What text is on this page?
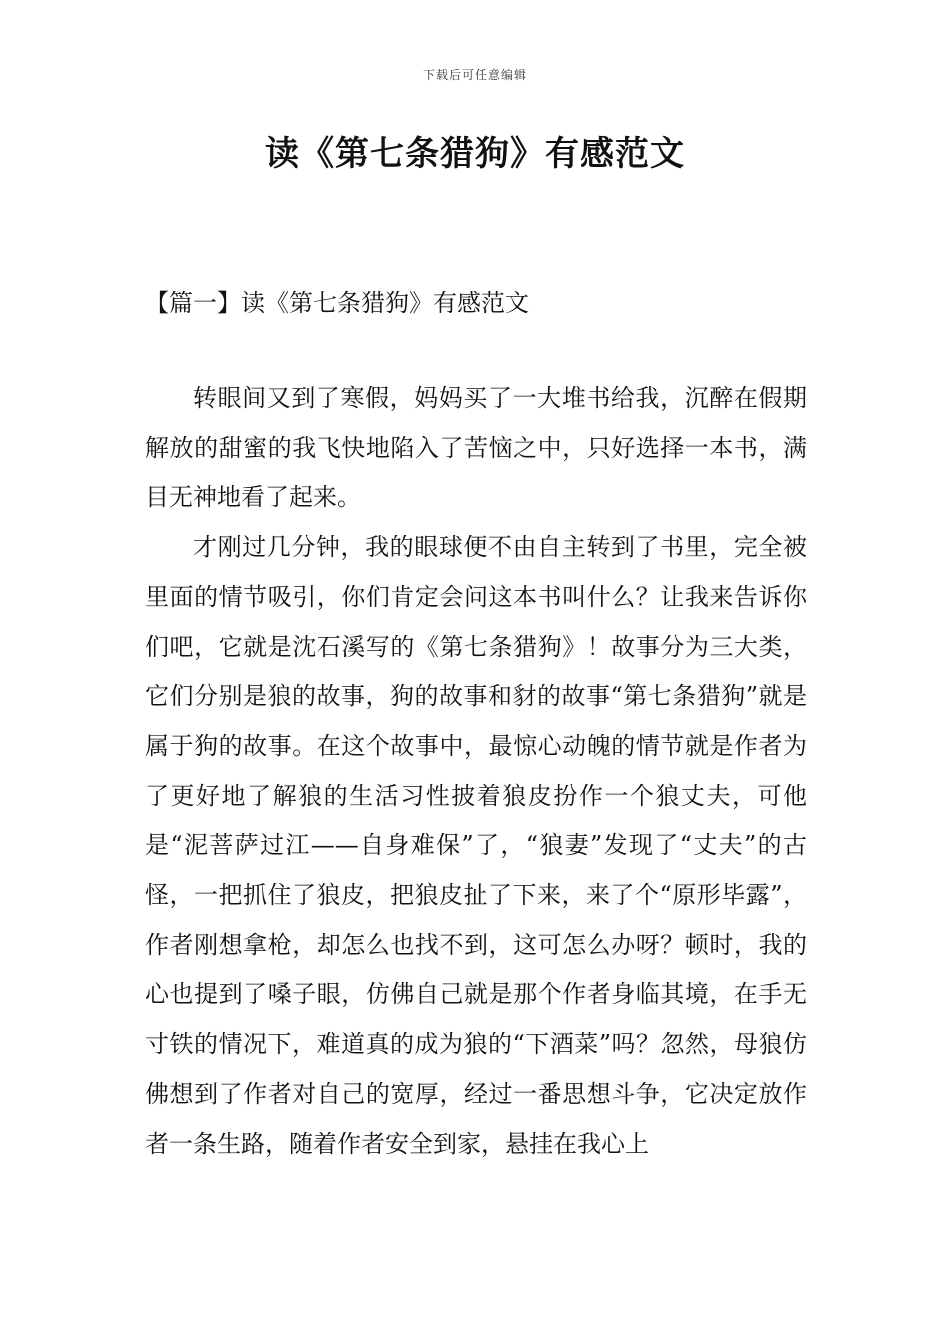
下载后可任意编辑
读《第七条猎狗》有感范文
【篇一】读《第七条猎狗》有感范文

转眼间又到了寒假，妈妈买了一大堆书给我，沉醉在假期解放的甜蜜的我飞快地陷入了苦恼之中，只好选择一本书，满目无神地看了起来。

才刚过几分钟，我的眼球便不由自主转到了书里，完全被里面的情节吸引，你们肯定会问这本书叫什么？让我来告诉你们吧，它就是沈石溪写的《第七条猎狗》！故事分为三大类，它们分别是狼的故事，狗的故事和豺的故事“第七条猎狗”就是属于狗的故事。在这个故事中，最惊心动魄的情节就是作者为了更好地了解狼的生活习性披着狼皮扮作一个狼丈夫，可他是“泥菩萨过江——自身难保”了，“狼妻”发现了“丈夫”的古怪，一把抓住了狼皮，把狼皮扯了下来，来了个“原形毕露”，作者刚想拿枪，却怎么也找不到，这可怎么办呀？顿时，我的心也提到了嗓子眼，仿佛自己就是那个作者身临其境，在手无寸铁的情况下，难道真的成为狼的“下酒菜”吗？忽然，母狼仿佛想到了作者对自己的宽厚，经过一番思想斗争，它决定放作者一条生路，随着作者安全到家，悬挂在我心上
